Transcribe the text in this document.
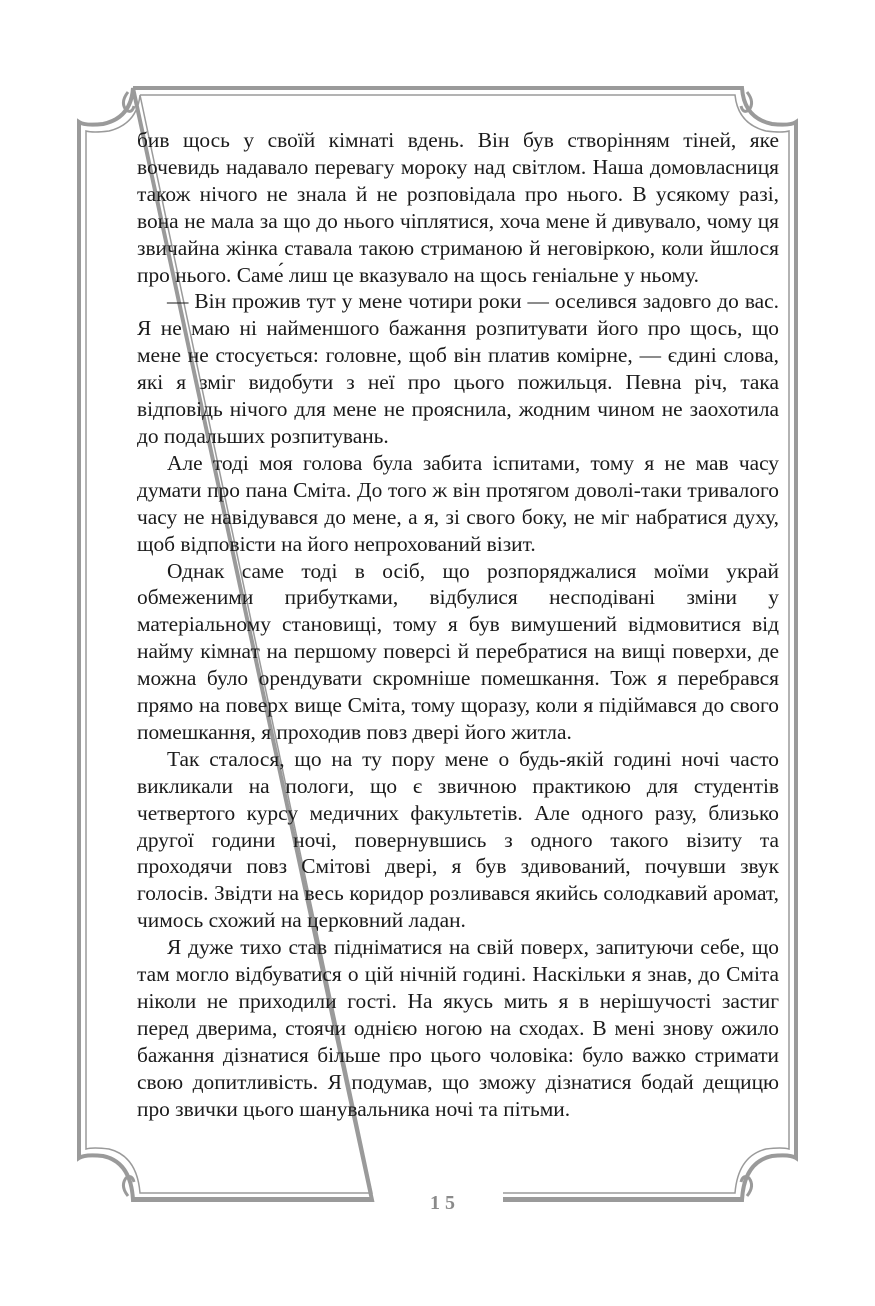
бив щось у своїй кімнаті вдень. Він був створінням тіней, яке вочевидь надавало перевагу мороку над світлом. Наша домовласниця також нічого не знала й не розповідала про нього. В усякому разі, вона не мала за що до нього чіплятися, хоча мене й дивувало, чому ця звичайна жінка ставала такою стриманою й неговіркою, коли йшлося про нього. Саме́ лиш це вказувало на щось геніальне у ньому.

— Він прожив тут у мене чотири роки — оселився задовго до вас. Я не маю ні найменшого бажання розпитувати його про щось, що мене не стосується: головне, щоб він платив комірне, — єдині слова, які я зміг видобути з неї про цього пожильця. Певна річ, така відповідь нічого для мене не прояснила, жодним чином не заохотила до подальших розпитувань.

Але тоді моя голова була забита іспитами, тому я не мав часу думати про пана Сміта. До того ж він протягом доволі-таки тривалого часу не навідувався до мене, а я, зі свого боку, не міг набратися духу, щоб відповісти на його непрохований візит.

Однак саме тоді в осіб, що розпоряджалися моїми украй обмеженими прибутками, відбулися несподівані зміни у матеріальному становищі, тому я був вимушений відмовитися від найму кімнат на першому поверсі й перебратися на вищі поверхи, де можна було орендувати скромніше помешкання. Тож я перебрався прямо на поверх вище Сміта, тому щоразу, коли я підіймався до свого помешкання, я проходив повз двері його житла.

Так сталося, що на ту пору мене о будь-якій годині ночі часто викликали на пологи, що є звичною практикою для студентів четвертого курсу медичних факультетів. Але одного разу, близько другої години ночі, повернувшись з одного такого візиту та проходячи повз Смітові двері, я був здивований, почувши звук голосів. Звідти на весь коридор розливався якийсь солодкавий аромат, чимось схожий на церковний ладан.

Я дуже тихо став підніматися на свій поверх, запитуючи себе, що там могло відбуватися о цій нічній годині. Наскільки я знав, до Сміта ніколи не приходили гості. На якусь мить я в нерішучості застиг перед дверима, стоячи однією ногою на сходах. В мені знову ожило бажання дізнатися більше про цього чоловіка: було важко стримати свою допитливість. Я подумав, що зможу дізнатися бодай дещицю про звички цього шанувальника ночі та пітьми.

15
